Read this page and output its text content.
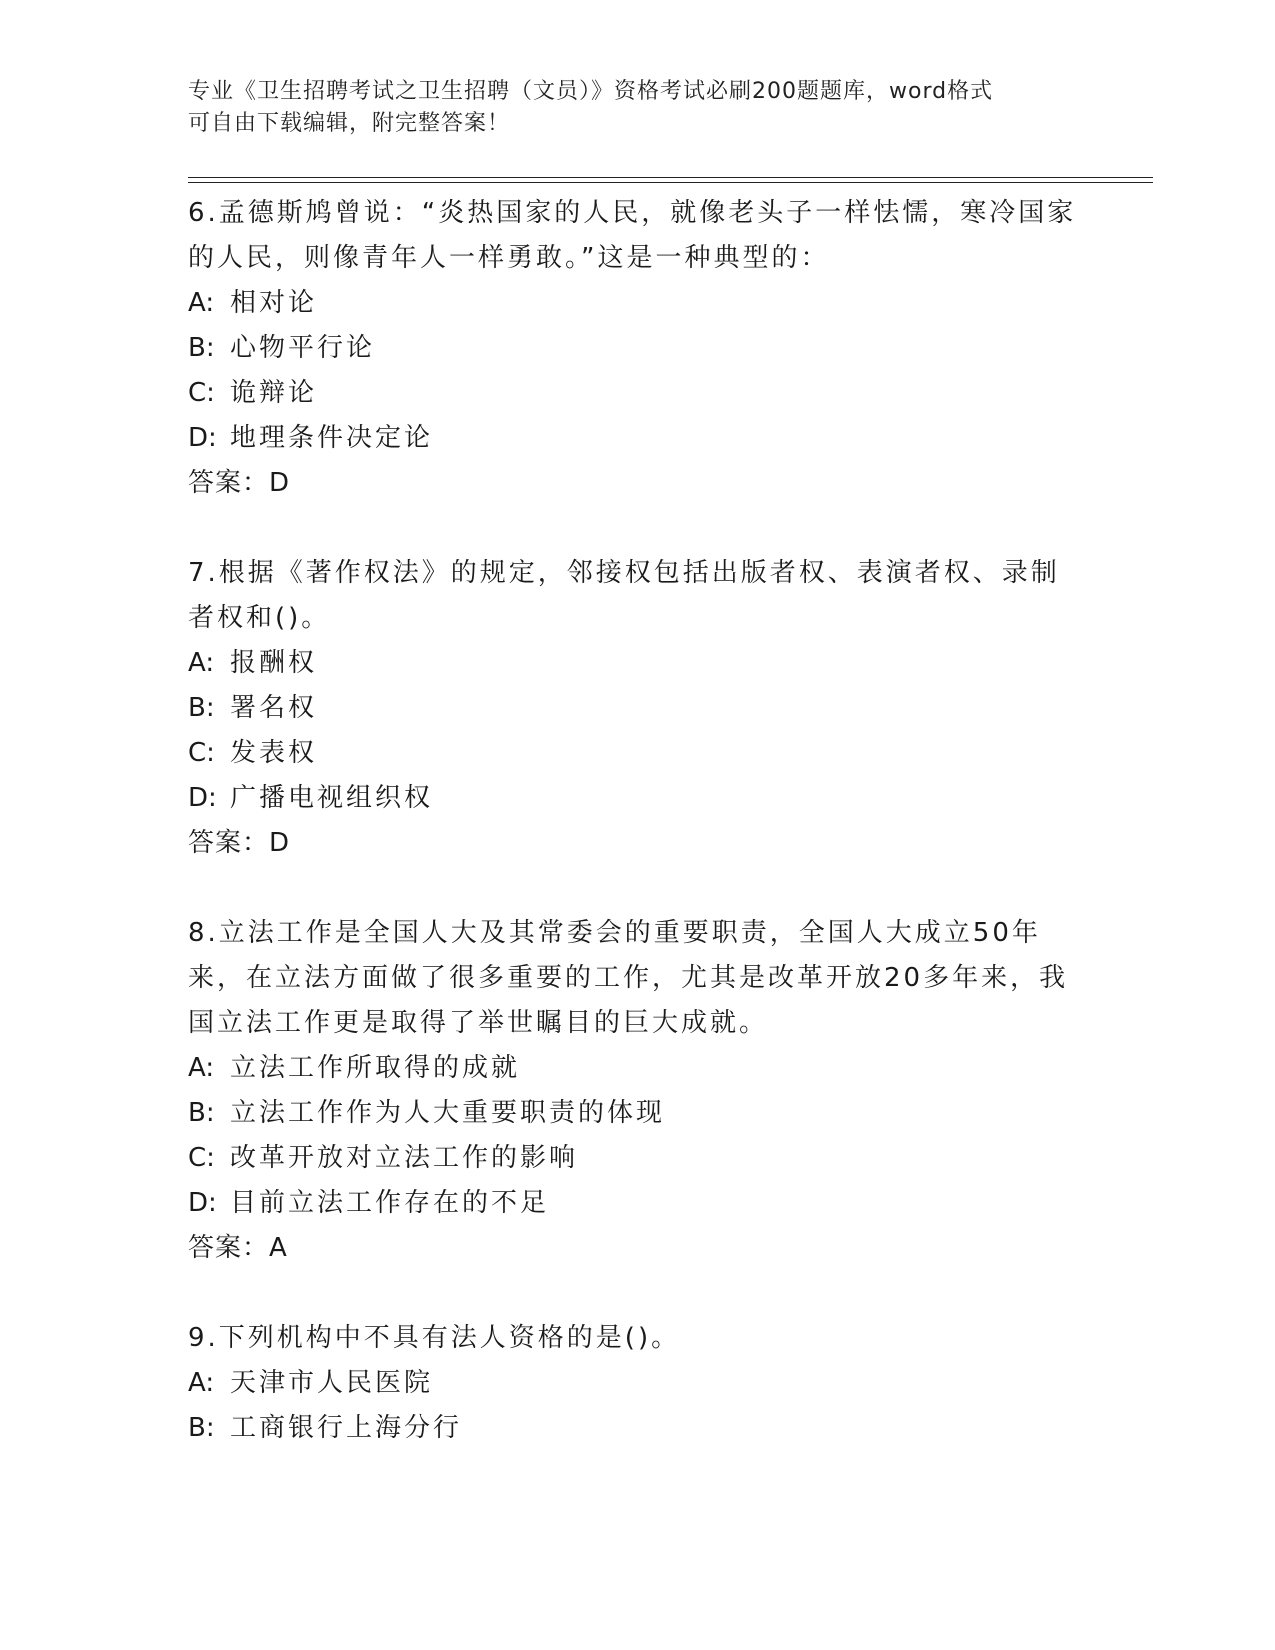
专业《卫生招聘考试之卫生招聘（文员）》资格考试必刷200题题库，word格式
可自由下载编辑，附完整答案！

6.孟德斯鸠曾说：“炎热国家的人民，就像老头子一样怯懦，寒冷国家的人民，则像青年人一样勇敢。”这是一种典型的：

A: 相对论
B: 心物平行论
C: 诡辩论
D: 地理条件决定论

答案：D

7.根据《著作权法》的规定，邻接权包括出版者权、表演者权、录制者权和()。

A: 报酬权
B: 署名权
C: 发表权
D: 广播电视组织权

答案：D

8.立法工作是全国人大及其常委会的重要职责，全国人大成立50年来，在立法方面做了很多重要的工作，尤其是改革开放20多年来，我国立法工作更是取得了举世瞩目的巨大成就。

A: 立法工作所取得的成就
B: 立法工作作为人大重要职责的体现
C: 改革开放对立法工作的影响
D: 目前立法工作存在的不足

答案：A

9.下列机构中不具有法人资格的是()。

A: 天津市人民医院
B: 工商银行上海分行
